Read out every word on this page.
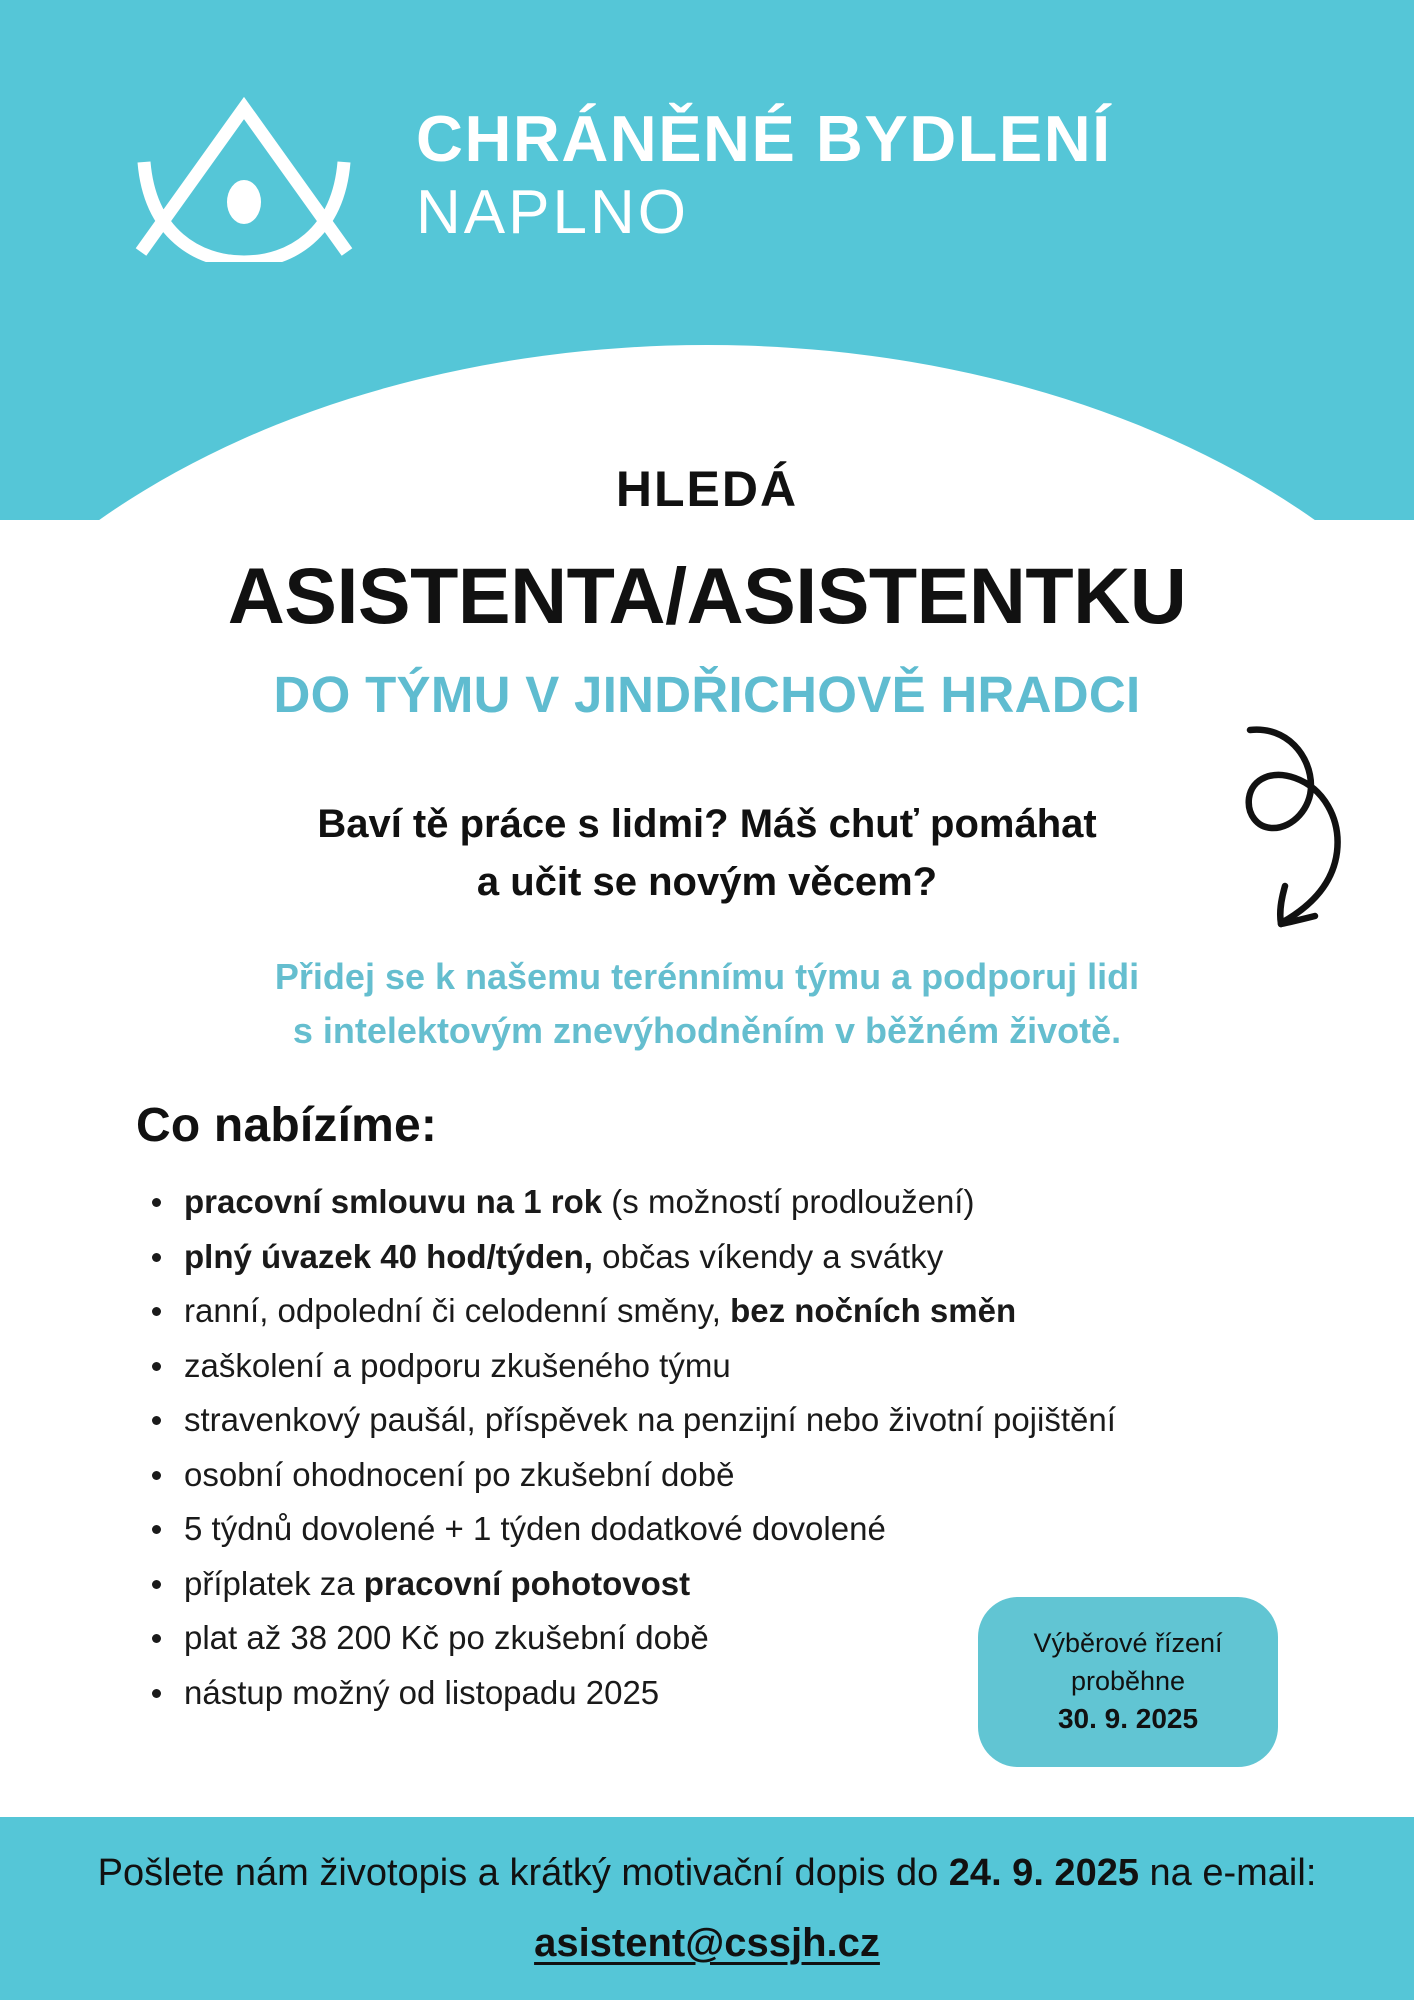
CHRÁNĚNÉ BYDLENÍ
NAPLNO
HLEDÁ
ASISTENTA/ASISTENTKU
DO TÝMU V JINDŘICHOVĚ HRADCI
Baví tě práce s lidmi? Máš chuť pomáhat
a učit se novým věcem?
Přidej se k našemu terénnímu týmu a podporuj lidi
s intelektovým znevýhodněním v běžném životě.
Co nabízíme:
pracovní smlouvu na 1 rok (s možností prodloužení)
plný úvazek 40 hod/týden, občas víkendy a svátky
ranní, odpolední či celodenní směny, bez nočních směn
zaškolení a podporu zkušeného týmu
stravenkový paušál, příspěvek na penzijní nebo životní pojištění
osobní ohodnocení po zkušební době
5 týdnů dovolené + 1 týden dodatkové dovolené
příplatek za pracovní pohotovost
plat až 38 200 Kč po zkušební době
nástup možný od listopadu 2025
Výběrové řízení
proběhne
30. 9. 2025
Pošlete nám životopis a krátký motivační dopis do 24. 9. 2025 na e-mail:
asistent@cssjh.cz
